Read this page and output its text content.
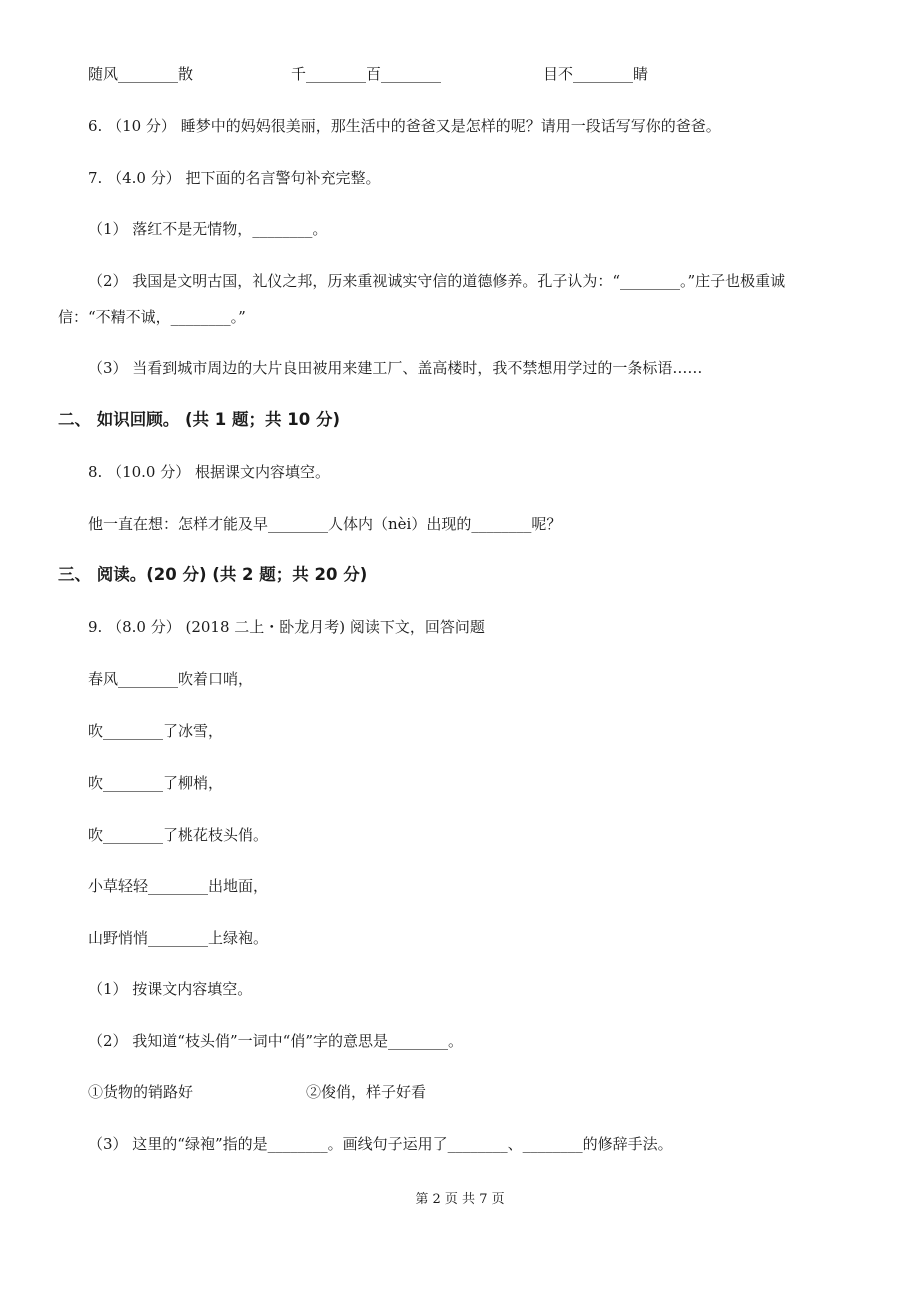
随风________散	千________百________	目不________睛
6. （10 分） 睡梦中的妈妈很美丽，那生活中的爸爸又是怎样的呢？请用一段话写写你的爸爸。
7. （4.0 分） 把下面的名言警句补充完整。
（1） 落红不是无情物，________。
（2） 我国是文明古国，礼仪之邦，历来重视诚实守信的道德修养。孔子认为：“________。”庄子也极重诚
信：“不精不诚，________。”
（3） 当看到城市周边的大片良田被用来建工厂、盖高楼时，我不禁想用学过的一条标语……
二、 如识回顾。 (共 1 题；共 10 分)
8. （10.0 分） 根据课文内容填空。
他一直在想：怎样才能及早________人体内（nèi）出现的________呢？
三、 阅读。(20 分) (共 2 题；共 20 分)
9. （8.0 分） (2018 二上・卧龙月考) 阅读下文，回答问题
春风________吹着口哨，
吹________了冰雪，
吹________了柳梢，
吹________了桃花枝头俏。
小草轻轻________出地面，
山野悄悄________上绿袍。
（1） 按课文内容填空。
（2） 我知道“枝头俏”一词中“俏”字的意思是________。
①货物的销路好	②俊俏，样子好看
（3） 这里的“绿袍”指的是________。画线句子运用了________、________的修辞手法。
第 2 页 共 7 页
